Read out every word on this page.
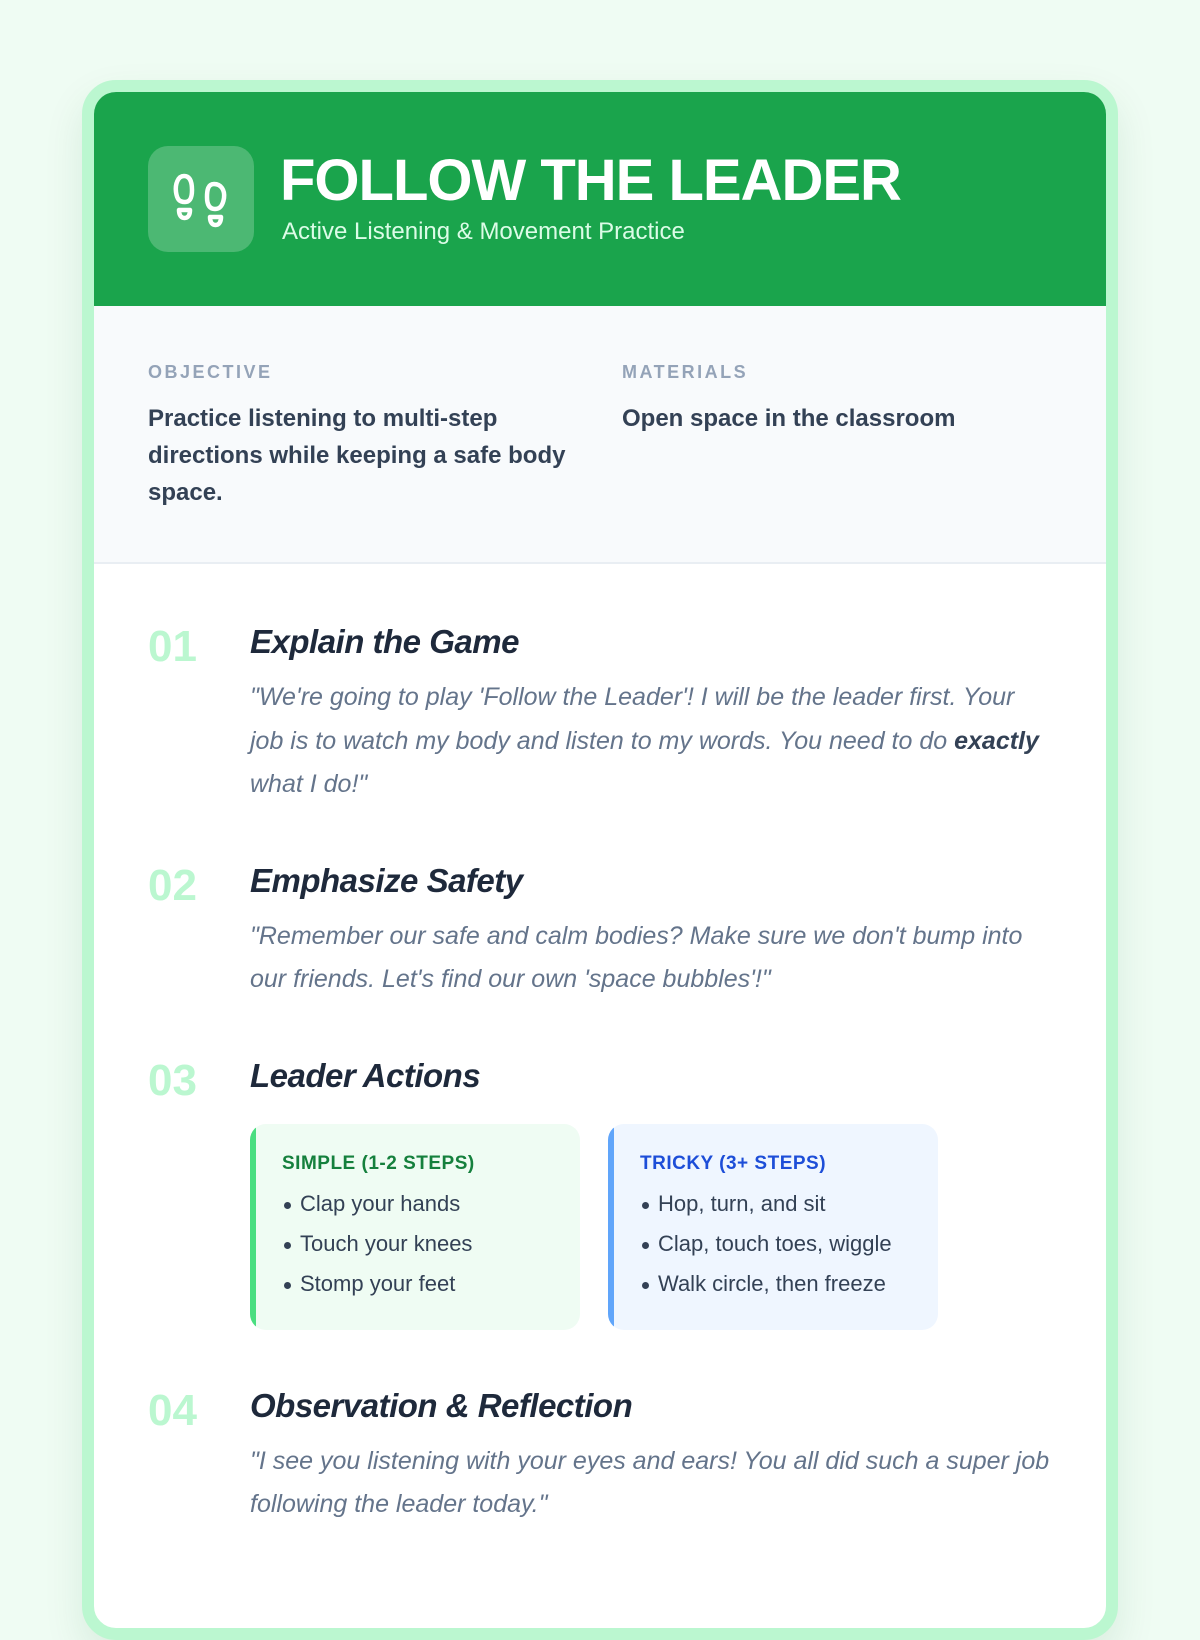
FOLLOW THE LEADER
Active Listening & Movement Practice
OBJECTIVE
Practice listening to multi-step directions while keeping a safe body space.
MATERIALS
Open space in the classroom
01 Explain the Game
"We're going to play 'Follow the Leader'! I will be the leader first. Your job is to watch my body and listen to my words. You need to do exactly what I do!"
02 Emphasize Safety
"Remember our safe and calm bodies? Make sure we don't bump into our friends. Let's find our own 'space bubbles'!"
03 Leader Actions
SIMPLE (1-2 STEPS)
Clap your hands
Touch your knees
Stomp your feet
TRICKY (3+ STEPS)
Hop, turn, and sit
Clap, touch toes, wiggle
Walk circle, then freeze
04 Observation & Reflection
"I see you listening with your eyes and ears! You all did such a super job following the leader today."
